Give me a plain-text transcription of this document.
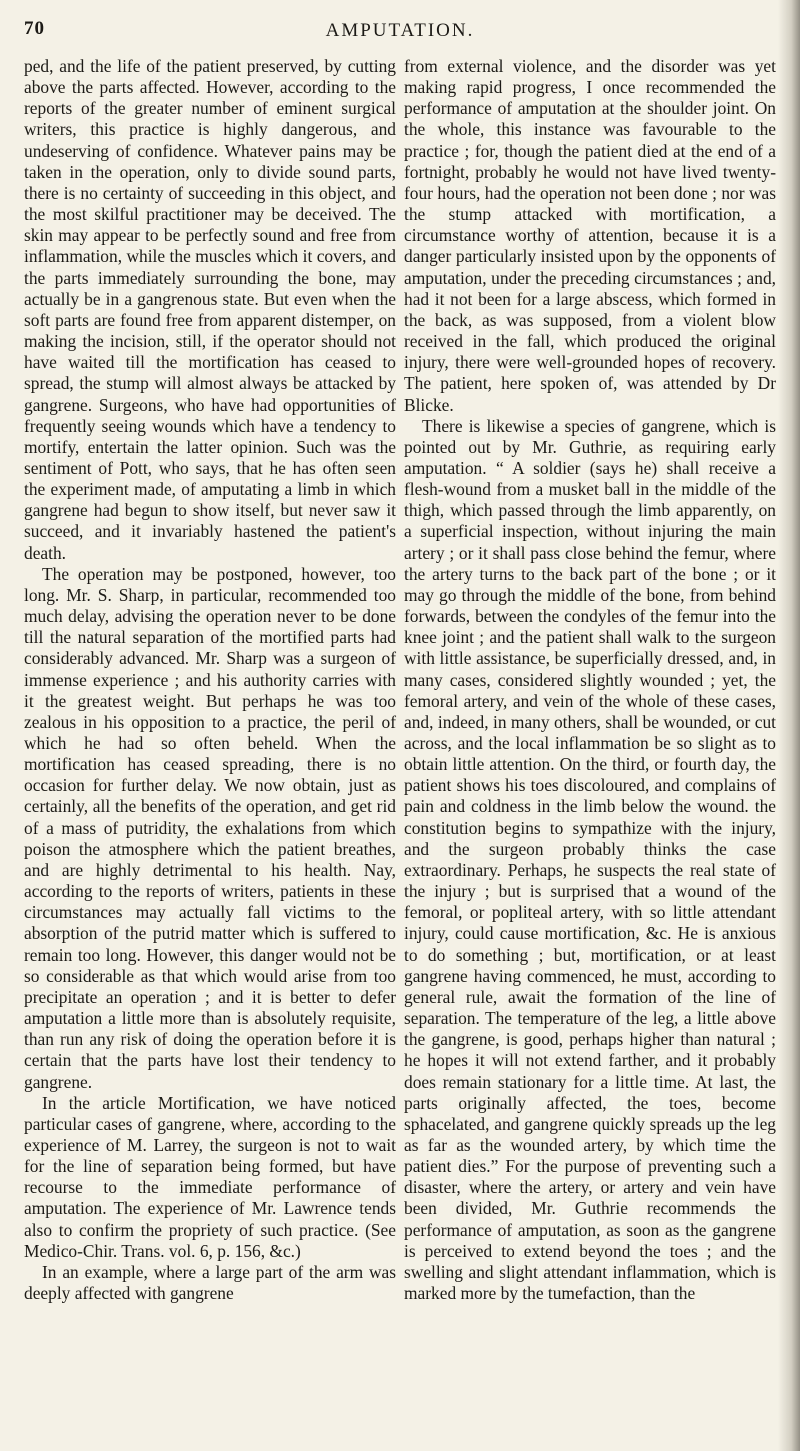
70	AMPUTATION.

ped, and the life of the patient preserved, by cutting above the parts affected. However, according to the reports of the greater number of eminent surgical writers, this practice is highly dangerous, and undeserving of confidence. Whatever pains may be taken in the operation, only to divide sound parts, there is no certainty of succeeding in this object, and the most skilful practitioner may be deceived. The skin may appear to be perfectly sound and free from inflammation, while the muscles which it covers, and the parts immediately surrounding the bone, may actually be in a gangrenous state. But even when the soft parts are found free from apparent distemper, on making the incision, still, if the operator should not have waited till the mortification has ceased to spread, the stump will almost always be attacked by gangrene. Surgeons, who have had opportunities of frequently seeing wounds which have a tendency to mortify, entertain the latter opinion. Such was the sentiment of Pott, who says, that he has often seen the experiment made, of amputating a limb in which gangrene had begun to show itself, but never saw it succeed, and it invariably hastened the patient's death.

The operation may be postponed, however, too long. Mr. S. Sharp, in particular, recommended too much delay, advising the operation never to be done till the natural separation of the mortified parts had considerably advanced. Mr. Sharp was a surgeon of immense experience ; and his authority carries with it the greatest weight. But perhaps he was too zealous in his opposition to a practice, the peril of which he had so often beheld. When the mortification has ceased spreading, there is no occasion for further delay. We now obtain, just as certainly, all the benefits of the operation, and get rid of a mass of putridity, the exhalations from which poison the atmosphere which the patient breathes, and are highly detrimental to his health. Nay, according to the reports of writers, patients in these circumstances may actually fall victims to the absorption of the putrid matter which is suffered to remain too long. However, this danger would not be so considerable as that which would arise from too precipitate an operation ; and it is better to defer amputation a little more than is absolutely requisite, than run any risk of doing the operation before it is certain that the parts have lost their tendency to gangrene.

In the article Mortification, we have noticed particular cases of gangrene, where, according to the experience of M. Larrey, the surgeon is not to wait for the line of separation being formed, but have recourse to the immediate performance of amputation. The experience of Mr. Lawrence tends also to confirm the propriety of such practice. (See Medico-Chir. Trans. vol. 6, p. 156, &c.)

In an example, where a large part of the arm was deeply affected with gangrene

from external violence, and the disorder was yet making rapid progress, I once recommended the performance of amputation at the shoulder joint. On the whole, this instance was favourable to the practice ; for, though the patient died at the end of a fortnight, probably he would not have lived twenty-four hours, had the operation not been done ; nor was the stump attacked with mortification, a circumstance worthy of attention, because it is a danger particularly insisted upon by the opponents of amputation, under the preceding circumstances ; and, had it not been for a large abscess, which formed in the back, as was supposed, from a violent blow received in the fall, which produced the original injury, there were well-grounded hopes of recovery. The patient, here spoken of, was attended by Dr Blicke.

There is likewise a species of gangrene, which is pointed out by Mr. Guthrie, as requiring early amputation. “ A soldier (says he) shall receive a flesh-wound from a musket ball in the middle of the thigh, which passed through the limb apparently, on a superficial inspection, without injuring the main artery ; or it shall pass close behind the femur, where the artery turns to the back part of the bone ; or it may go through the middle of the bone, from behind forwards, between the condyles of the femur into the knee joint ; and the patient shall walk to the surgeon with little assistance, be superficially dressed, and, in many cases, considered slightly wounded ; yet, the femoral artery, and vein of the whole of these cases, and, indeed, in many others, shall be wounded, or cut across, and the local inflammation be so slight as to obtain little attention. On the third, or fourth day, the patient shows his toes discoloured, and complains of pain and coldness in the limb below the wound. the constitution begins to sympathize with the injury, and the surgeon probably thinks the case extraordinary. Perhaps, he suspects the real state of the injury ; but is surprised that a wound of the femoral, or popliteal artery, with so little attendant injury, could cause mortification, &c. He is anxious to do something ; but, mortification, or at least gangrene having commenced, he must, according to general rule, await the formation of the line of separation. The temperature of the leg, a little above the gangrene, is good, perhaps higher than natural ; he hopes it will not extend farther, and it probably does remain stationary for a little time. At last, the parts originally affected, the toes, become sphacelated, and gangrene quickly spreads up the leg as far as the wounded artery, by which time the patient dies.” For the purpose of preventing such a disaster, where the artery, or artery and vein have been divided, Mr. Guthrie recommends the performance of amputation, as soon as the gangrene is perceived to extend beyond the toes ; and the swelling and slight attendant inflammation, which is marked more by the tumefaction, than the
